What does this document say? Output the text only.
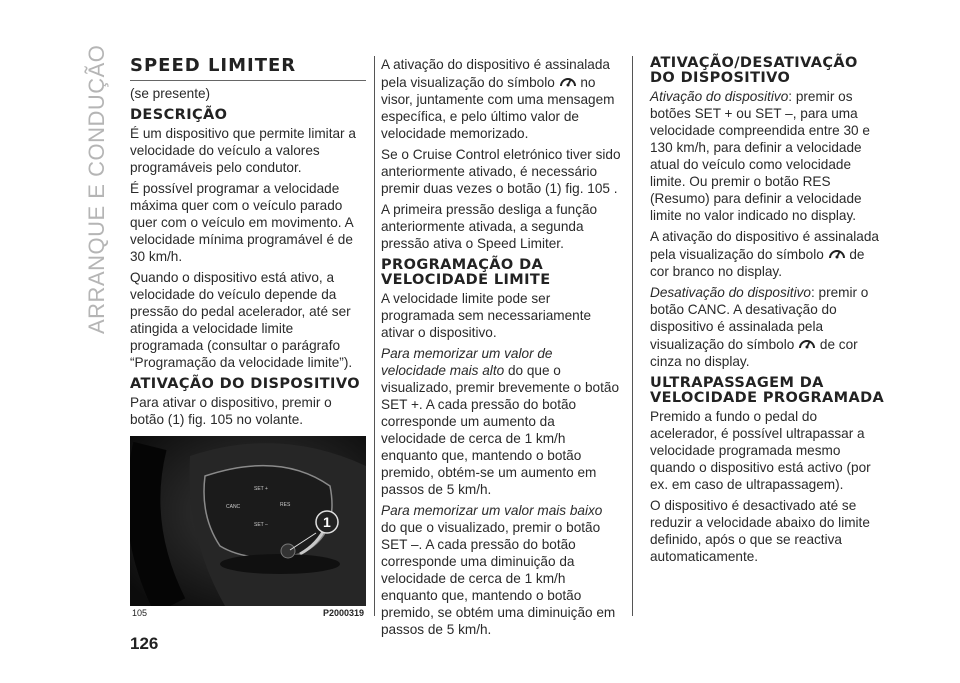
ARRANQUE E CONDUÇÃO SPEED LIMITER

(se presente)

DESCRIÇÃO

É um dispositivo que permite limitar a velocidade do veículo a valores programáveis pelo condutor.

É possível programar a velocidade máxima quer com o veículo parado quer com o veículo em movimento. A velocidade mínima programável é de 30 km/h.

Quando o dispositivo está ativo, a velocidade do veículo depende da pressão do pedal acelerador, até ser atingida a velocidade limite programada (consultar o parágrafo “Programação da velocidade limite”).

ATIVAÇÃO DO DISPOSITIVO

Para ativar o dispositivo, premir o botão (1) fig. 105 no volante.

SET +
CANC	RES
SET –	1
105	P2000319

A ativação do dispositivo é assinalada pela visualização do símbolo no visor, juntamente com uma mensagem específica, e pelo último valor de velocidade memorizado.

Se o Cruise Control eletrónico tiver sido anteriormente ativado, é necessário premir duas vezes o botão (1) fig. 105 .

A primeira pressão desliga a função anteriormente ativada, a segunda pressão ativa o Speed Limiter.

PROGRAMAÇÃO DA VELOCIDADE LIMITE

A velocidade limite pode ser programada sem necessariamente ativar o dispositivo.

Para memorizar um valor de velocidade mais alto do que o visualizado, premir brevemente o botão SET +. A cada pressão do botão corresponde um aumento da velocidade de cerca de 1 km/h enquanto que, mantendo o botão premido, obtém-se um aumento em passos de 5 km/h.

Para memorizar um valor mais baixo do que o visualizado, premir o botão SET –. A cada pressão do botão corresponde uma diminuição da velocidade de cerca de 1 km/h enquanto que, mantendo o botão premido, se obtém uma diminuição em passos de 5 km/h.

ATIVAÇÃO/DESATIVAÇÃO DO DISPOSITIVO

Ativação do dispositivo: premir os botões SET + ou SET –, para uma velocidade compreendida entre 30 e 130 km/h, para definir a velocidade atual do veículo como velocidade limite. Ou premir o botão RES (Resumo) para definir a velocidade limite no valor indicado no display.

A ativação do dispositivo é assinalada pela visualização do símbolo de cor branco no display.

Desativação do dispositivo: premir o botão CANC. A desativação do dispositivo é assinalada pela visualização do símbolo de cor cinza no display.

ULTRAPASSAGEM DA VELOCIDADE PROGRAMADA

Premido a fundo o pedal do acelerador, é possível ultrapassar a velocidade programada mesmo quando o dispositivo está activo (por ex. em caso de ultrapassagem).

O dispositivo é desactivado até se reduzir a velocidade abaixo do limite definido, após o que se reactiva automaticamente.

126
